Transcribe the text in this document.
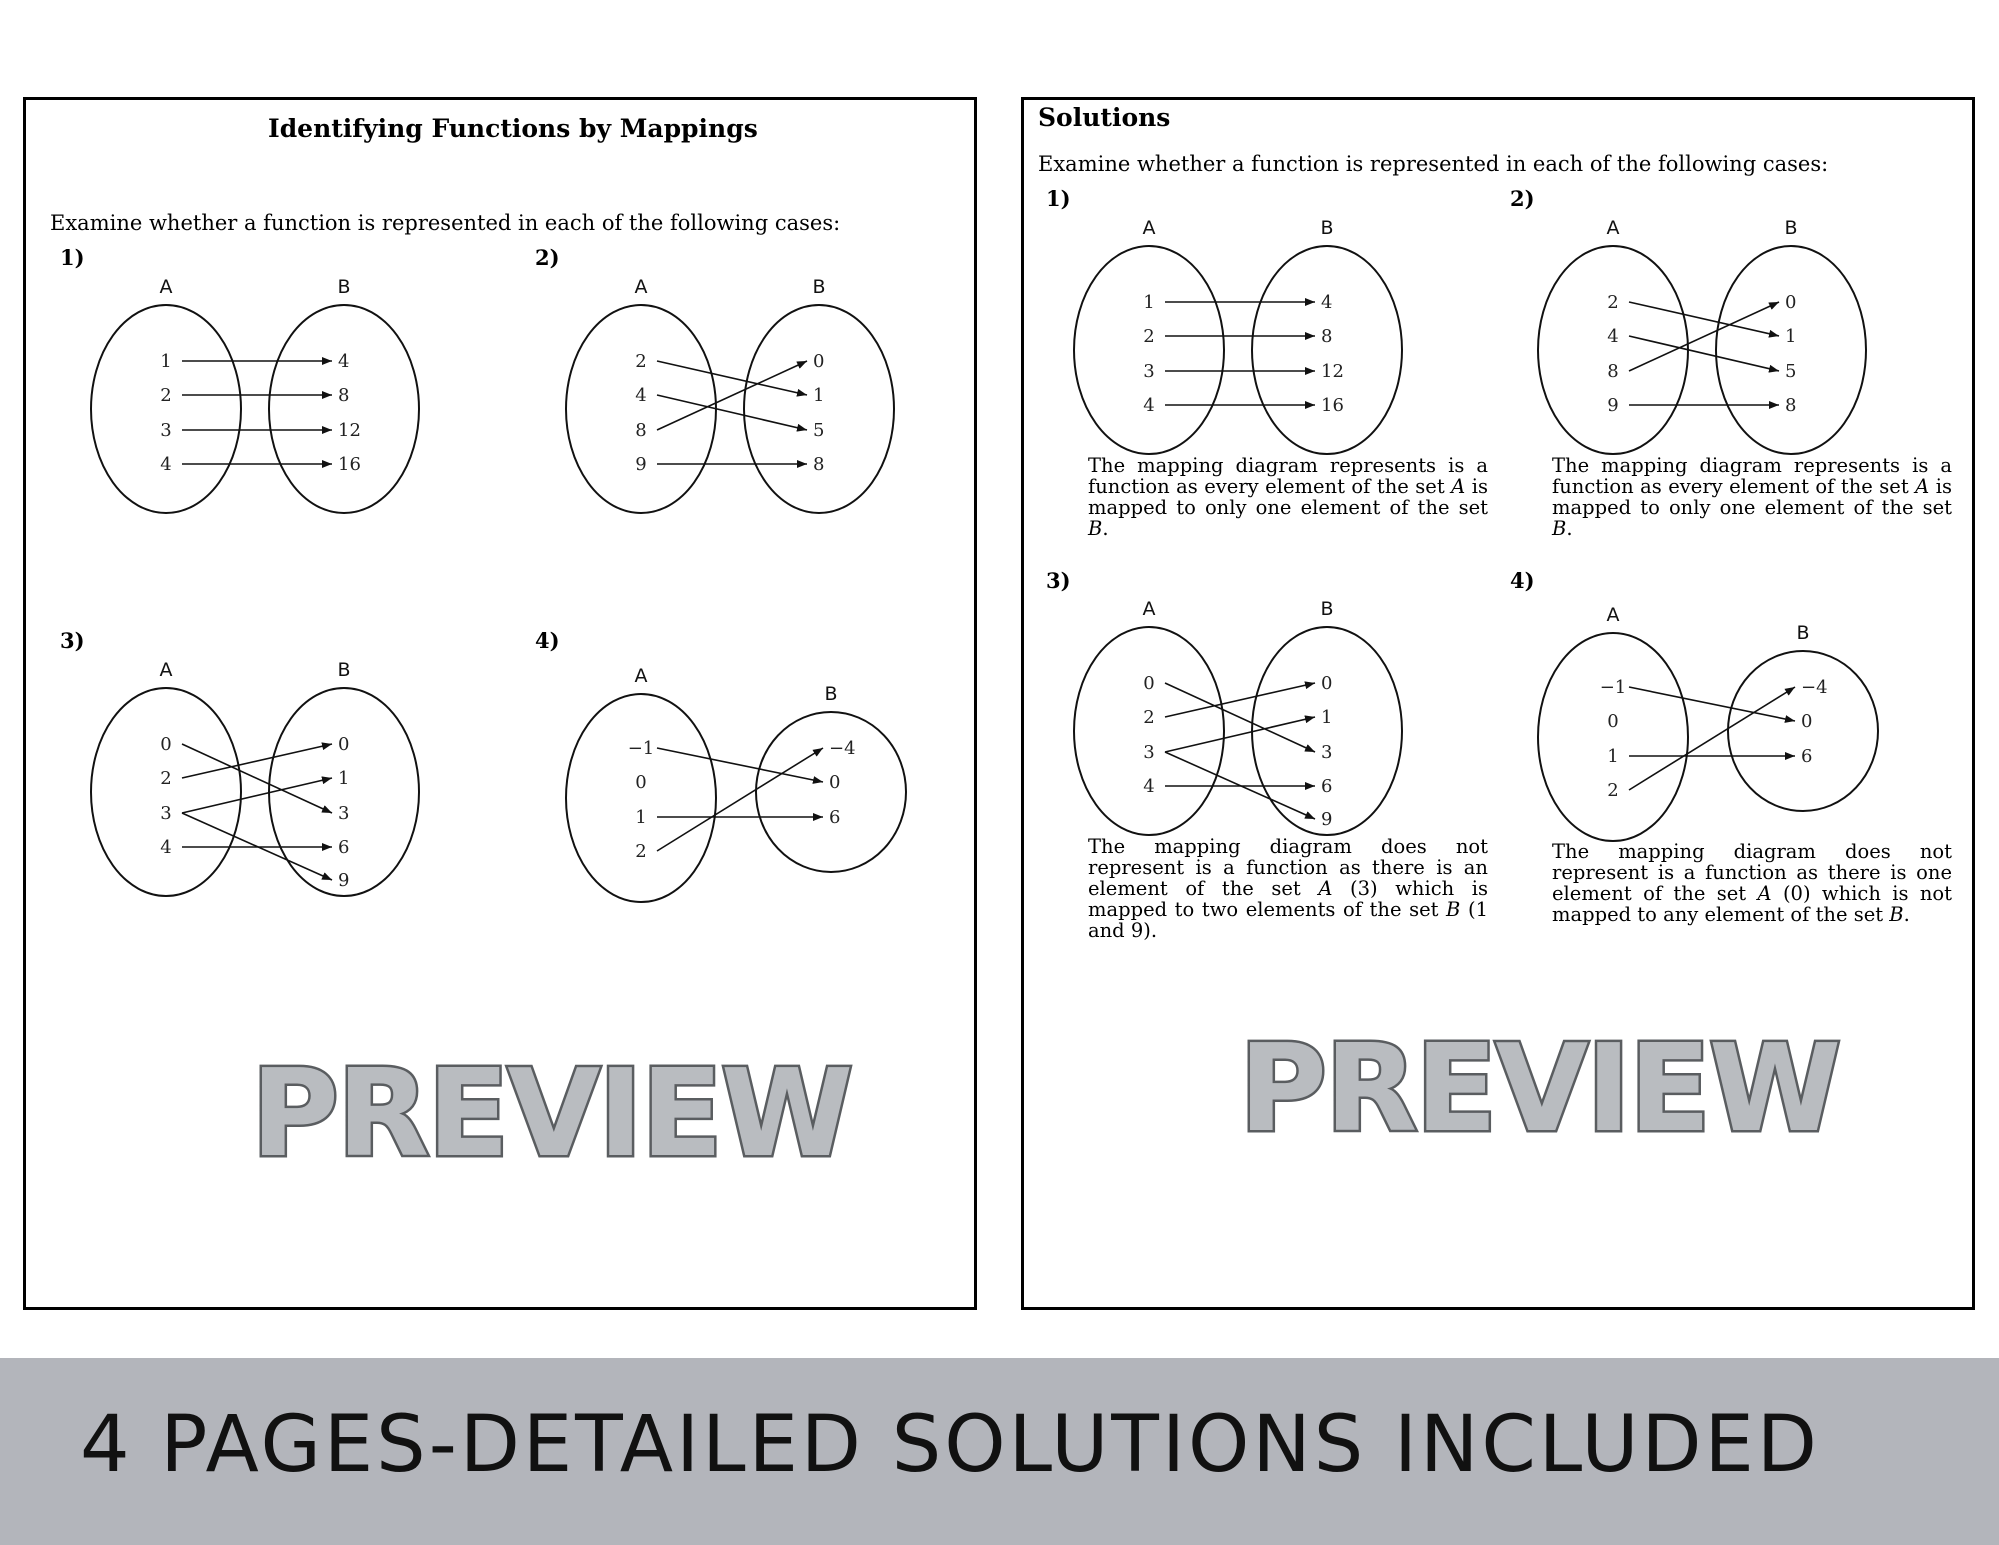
Identifying Functions by Mappings
Examine whether a function is represented in each of the following cases:
1)
A	B
1
2
3
4
4
8
12
16
2)
A	B
2
4
8
9
0
1
5
8
3)
A	B
0
2
3
4
0
1
3
6
9
4)
A
B
−1
0
1
2
−4
0
6
PREVIEW
Solutions
Examine whether a function is represented in each of the following cases:
1)
A	B
1
2
3
4
4
8
12
16
The mapping diagram represents is a function as every element of the set A is mapped to only one element of the set B.
2)
A	B
2
4
8
9
0
1
5
8
The mapping diagram represents is a function as every element of the set A is mapped to only one element of the set B.
3)
A	B
0
2
3
4
0
1
3
6
9
The mapping diagram does not represent is a function as there is an element of the set A (3) which is mapped to two elements of the set B (1 and 9).
4)
A
B
−1
0
1
2
−4
0
6
The mapping diagram does not represent is a function as there is one element of the set A (0) which is not mapped to any element of the set B.
PREVIEW
4 PAGES-DETAILED SOLUTIONS INCLUDED
